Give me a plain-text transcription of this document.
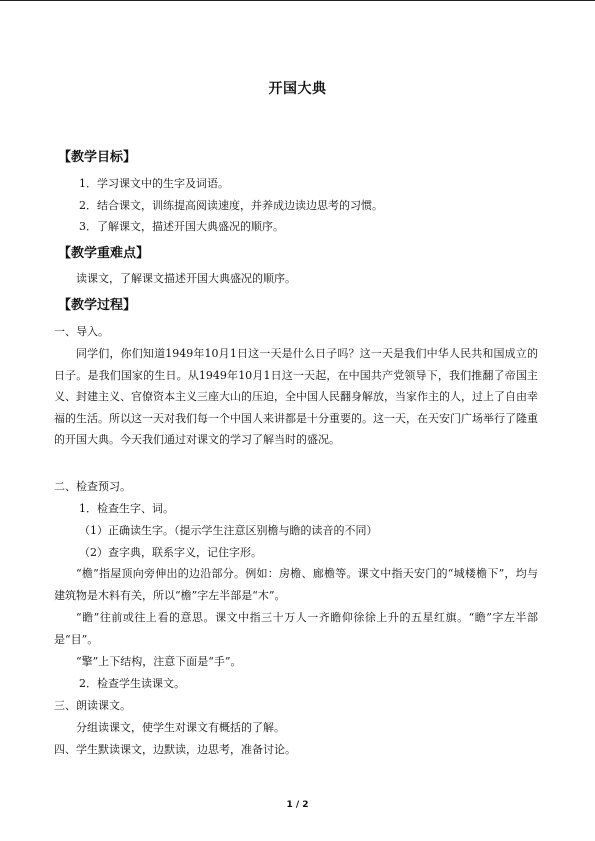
开国大典
【教学目标】
1．学习课文中的生字及词语。
2．结合课文，训练提高阅读速度，并养成边读边思考的习惯。
3．了解课文，描述开国大典盛况的顺序。
【教学重难点】
读课文，了解课文描述开国大典盛况的顺序。
【教学过程】
一、导入。
同学们，你们知道1949年10月1日这一天是什么日子吗？这一天是我们中华人民共和国成立的日子。是我们国家的生日。从1949年10月1日这一天起，在中国共产党领导下，我们推翻了帝国主义、封建主义、官僚资本主义三座大山的压迫，全中国人民翻身解放，当家作主的人，过上了自由幸福的生活。所以这一天对我们每一个中国人来讲都是十分重要的。这一天，在天安门广场举行了隆重的开国大典。今天我们通过对课文的学习了解当时的盛况。
二、检查预习。
1．检查生字、词。
（1）正确读生字。（提示学生注意区别檐与瞻的读音的不同）
（2）查字典，联系字义，记住字形。
“檐”指屋顶向旁伸出的边沿部分。例如：房檐、廊檐等。课文中指天安门的“城楼檐下”，均与建筑物是木料有关，所以“檐”字左半部是“木”。
“瞻”往前或往上看的意思。课文中指三十万人一齐瞻仰徐徐上升的五星红旗。“瞻”字左半部是“目”。
“擎”上下结构，注意下面是“手”。
2．检查学生读课文。
三、朗读课文。
分组读课文，使学生对课文有概括的了解。
四、学生默读课文，边默读，边思考，准备讨论。
1 / 2
